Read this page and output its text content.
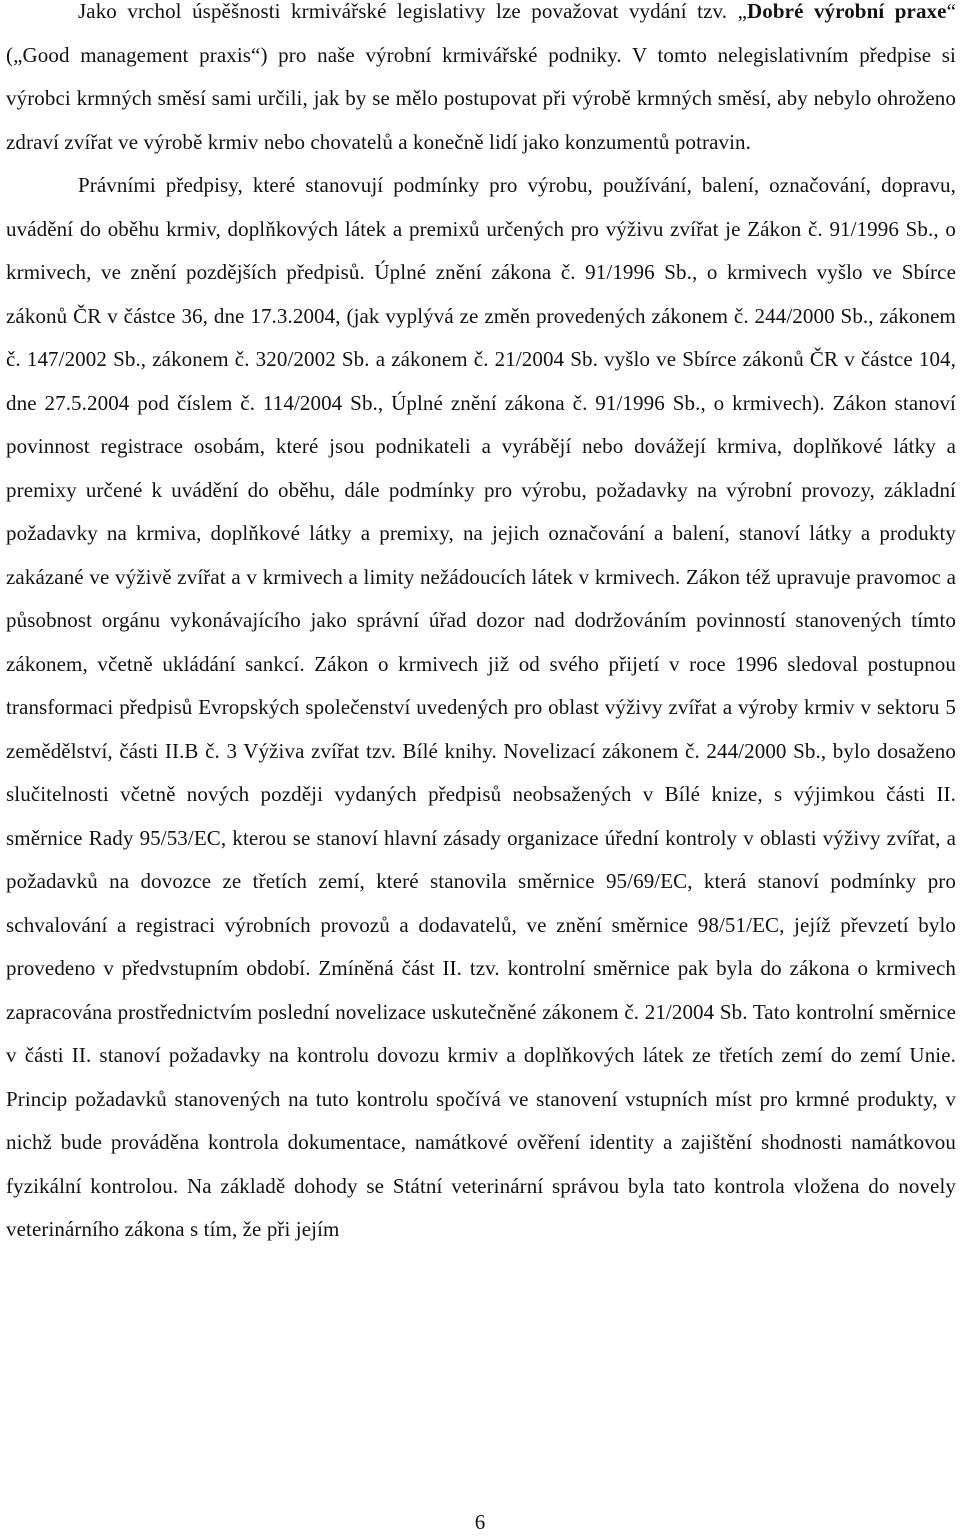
Jako vrchol úspěšnosti krmivářské legislativy lze považovat vydání tzv. „Dobré výrobní praxe“ („Good management praxis“) pro naše výrobní krmivářské podniky. V tomto nelegislativním předpise si výrobci krmných směsí sami určili, jak by se mělo postupovat při výrobě krmných směsí, aby nebylo ohroženo zdraví zvířat ve výrobě krmiv nebo chovatelů a konečně lidí jako konzumentů potravin.

Právními předpisy, které stanovují podmínky pro výrobu, používání, balení, označování, dopravu, uvádění do oběhu krmiv, doplňkových látek a premixů určených pro výživu zvířat je Zákon č. 91/1996 Sb., o krmivech, ve znění pozdějších předpisů. Úplné znění zákona č. 91/1996 Sb., o krmivech vyšlo ve Sbírce zákonů ČR v částce 36, dne 17.3.2004, (jak vyplývá ze změn provedených zákonem č. 244/2000 Sb., zákonem č. 147/2002 Sb., zákonem č. 320/2002 Sb. a zákonem č. 21/2004 Sb. vyšlo ve Sbírce zákonů ČR v částce 104, dne 27.5.2004 pod číslem č. 114/2004 Sb., Úplné znění zákona č. 91/1996 Sb., o krmivech). Zákon stanoví povinnost registrace osobám, které jsou podnikateli a vyrábějí nebo dovážejí krmiva, doplňkové látky a premixy určené k uvádění do oběhu, dále podmínky pro výrobu, požadavky na výrobní provozy, základní požadavky na krmiva, doplňkové látky a premixy, na jejich označování a balení, stanoví látky a produkty zakázané ve výživě zvířat a v krmivech a limity nežádoucích látek v krmivech. Zákon též upravuje pravomoc a působnost orgánu vykonávajícího jako správní úřad dozor nad dodržováním povinností stanovených tímto zákonem, včetně ukládání sankcí. Zákon o krmivech již od svého přijetí v roce 1996 sledoval postupnou transformaci předpisů Evropských společenství uvedených pro oblast výživy zvířat a výroby krmiv v sektoru 5 zemědělství, části II.B č. 3 Výživa zvířat tzv. Bílé knihy. Novelizací zákonem č. 244/2000 Sb., bylo dosaženo slučitelnosti včetně nových později vydaných předpisů neobsažených v Bílé knize, s výjimkou části II. směrnice Rady 95/53/EC, kterou se stanoví hlavní zásady organizace úřední kontroly v oblasti výživy zvířat, a požadavků na dovozce ze třetích zemí, které stanovila směrnice 95/69/EC, která stanoví podmínky pro schvalování a registraci výrobních provozů a dodavatelů, ve znění směrnice 98/51/EC, jejíž převzetí bylo provedeno v předvstupním období. Zmíněná část II. tzv. kontrolní směrnice pak byla do zákona o krmivech zapracována prostřednictvím poslední novelizace uskutečněné zákonem č. 21/2004 Sb. Tato kontrolní směrnice v části II. stanoví požadavky na kontrolu dovozu krmiv a doplňkových látek ze třetích zemí do zemí Unie. Princip požadavků stanovených na tuto kontrolu spočívá ve stanovení vstupních míst pro krmné produkty, v nichž bude prováděna kontrola dokumentace, namátkové ověření identity a zajištění shodnosti namátkovou fyzikální kontrolou. Na základě dohody se Státní veterinární správou byla tato kontrola vložena do novely veterinárního zákona s tím, že při jejím

6
